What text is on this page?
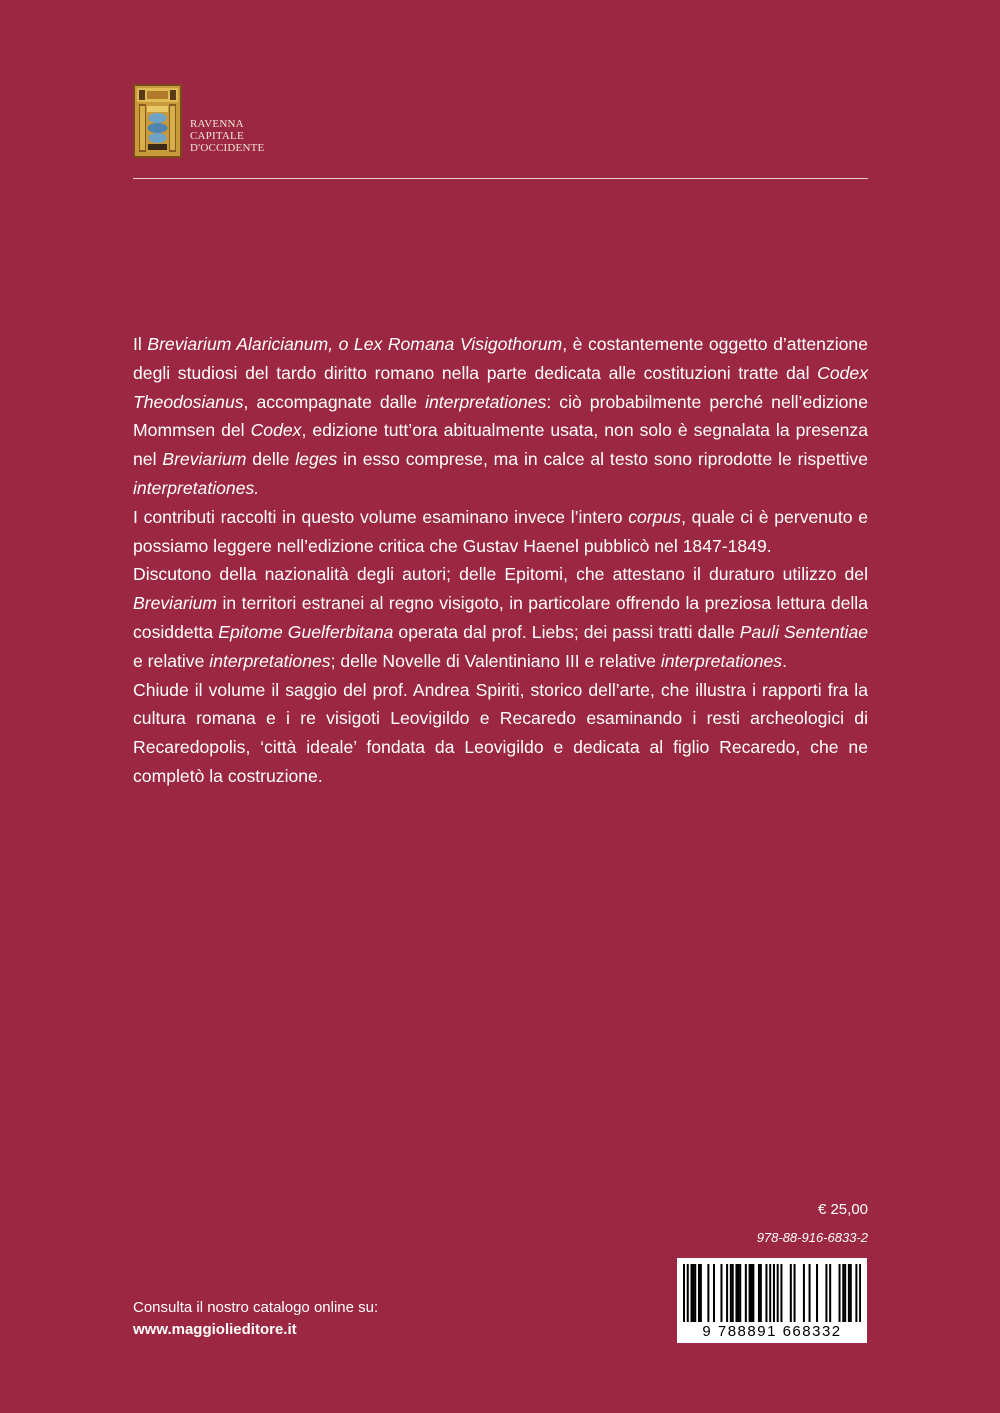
RAVENNA
CAPITALE
D'OCCIDENTE

Il Breviarium Alaricianum, o Lex Romana Visigothorum, è costantemente oggetto d’attenzione degli studiosi del tardo diritto romano nella parte dedicata alle costituzioni tratte dal Codex Theodosianus, accompagnate dalle interpretationes: ciò probabilmente perché nell’edizione Mommsen del Codex, edizione tutt’ora abitualmente usata, non solo è segnalata la presenza nel Breviarium delle leges in esso comprese, ma in calce al testo sono riprodotte le rispettive interpretationes.

I contributi raccolti in questo volume esaminano invece l’intero corpus, quale ci è pervenuto e possiamo leggere nell’edizione critica che Gustav Haenel pubblicò nel 1847-1849.

Discutono della nazionalità degli autori; delle Epitomi, che attestano il duraturo utilizzo del Breviarium in territori estranei al regno visigoto, in particolare offrendo la preziosa lettura della cosiddetta Epitome Guelferbitana operata dal prof. Liebs; dei passi tratti dalle Pauli Sententiae e relative interpretationes; delle Novelle di Valentiniano III e relative interpretationes.

Chiude il volume il saggio del prof. Andrea Spiriti, storico dell’arte, che illustra i rapporti fra la cultura romana e i re visigoti Leovigildo e Recaredo esaminando i resti archeologici di Recaredopolis, ‘città ideale’ fondata da Leovigildo e dedicata al figlio Recaredo, che ne completò la costruzione.

€ 25,00
978-88-916-6833-2
9 788891 668332
Consulta il nostro catalogo online su:
www.maggiolieditore.it
